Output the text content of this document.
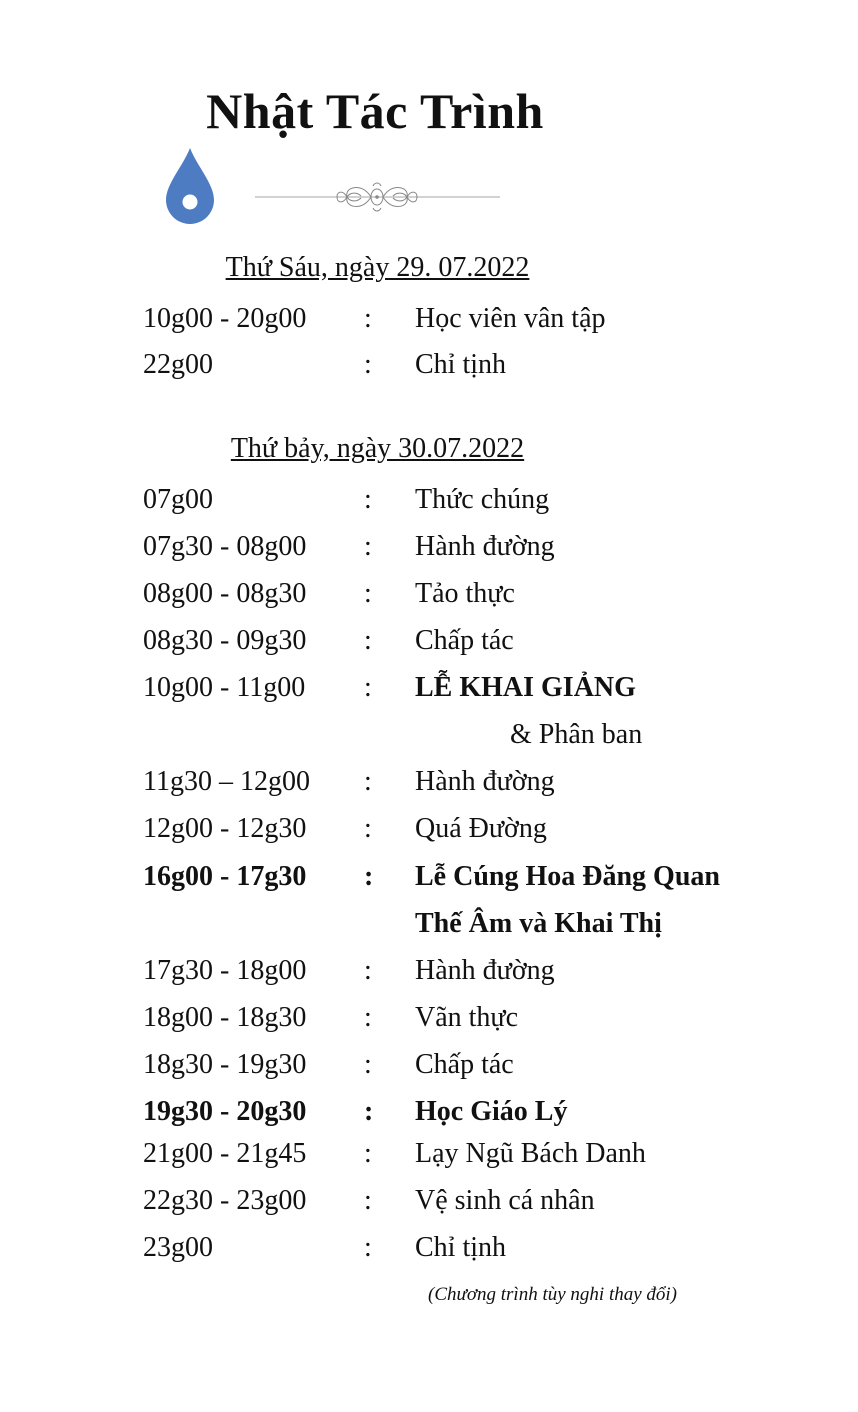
Nhật Tác Trình
Thứ Sáu, ngày 29. 07.2022
10g00 - 20g00 : Học viên vân tập
22g00	: Chỉ tịnh
Thứ bảy, ngày 30.07.2022
07g00	: Thức chúng
07g30 - 08g00 : Hành đường
08g00 - 08g30 : Tảo thực
08g30 - 09g30 : Chấp tác
10g00 - 11g00 : LỄ KHAI GIẢNG
& Phân ban
11g30 – 12g00 : Hành đường
12g00 - 12g30 : Quá Đường
16g00 - 17g30 : Lễ Cúng Hoa Đăng Quan
Thế Âm và Khai Thị
17g30 - 18g00 : Hành đường
18g00 - 18g30 : Vãn thực
18g30 - 19g30 : Chấp tác
19g30 - 20g30 : Học Giáo Lý
21g00 - 21g45 : Lạy Ngũ Bách Danh
22g30 - 23g00 : Vệ sinh cá nhân
23g00	: Chỉ tịnh
(Chương trình tùy nghi thay đổi)
